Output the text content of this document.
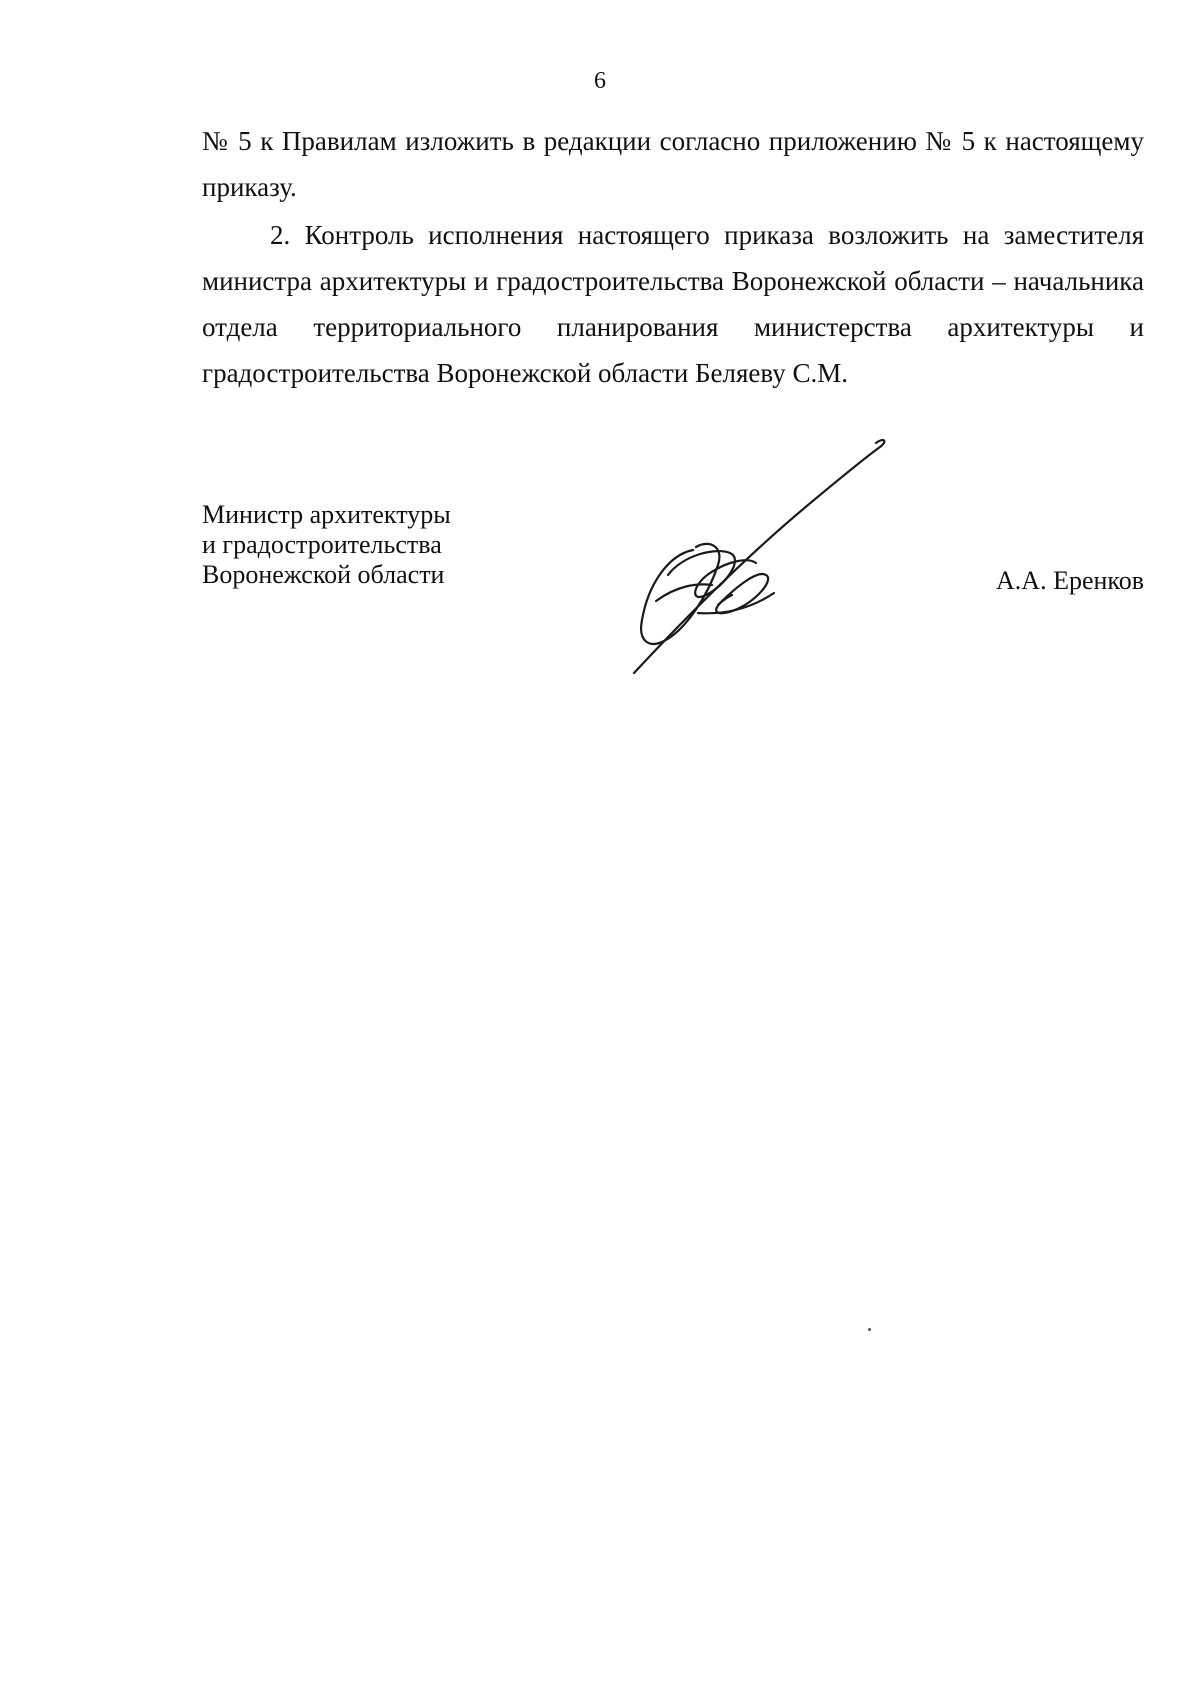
6

№ 5 к Правилам изложить в редакции согласно приложению № 5 к настоящему приказу.

2. Контроль исполнения настоящего приказа возложить на заместителя министра архитектуры и градостроительства Воронежской области – начальника отдела территориального планирования министерства архитектуры и градостроительства Воронежской области Беляеву С.М.

Министр архитектуры
и градостроительства
Воронежской области	А.А. Еренков
